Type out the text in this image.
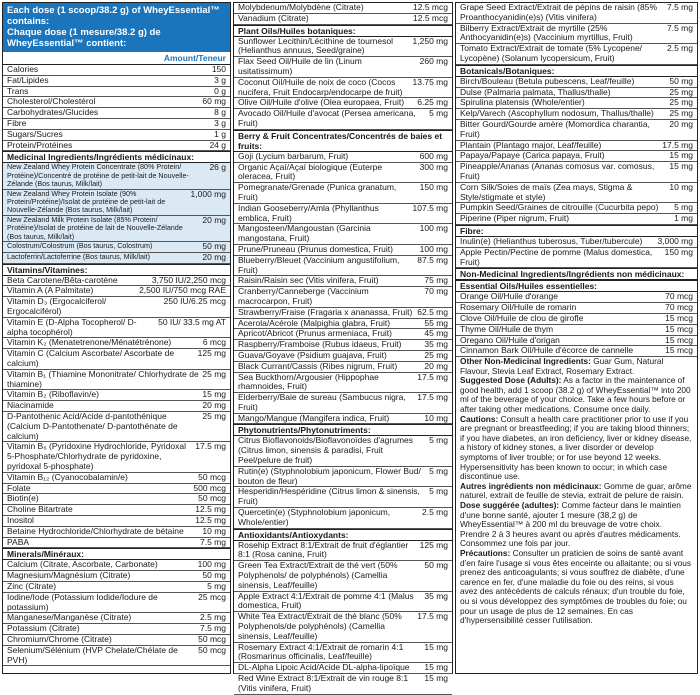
Each dose (1 scoop/38.2 g) of WheyEssential™ contains:
Chaque dose (1 mesure/38.2 g) de WheyEssential™ contient:
Amount/Teneur
Calories	150
Fat/Lipides	3 g
Trans	0 g
Cholesterol/Cholestérol	60 mg
Carbohydrates/Glucides	8 g
Fibre	3 g
Sugars/Sucres	1 g
Protein/Protéines	24 g
Medicinal Ingredients/Ingrédients médicinaux:
New Zealand Whey Protein Concentrate (80% Protein/ Protéine)/Concentré de protéine de petit-lait de Nouvelle-Zélande (Bos taurus, Milk/lait)
26 g
New Zealand Whey Protein Isolate (90% Protein/Protéine)/Isolat de protéine de petit-lait de Nouvelle-Zélande (Bos taurus, Milk/lait)
1,000 mg
New Zealand Milk Protein Isolate (85% Protein/ Protéine)/Isolat de protéine de lait de Nouvelle-Zélande (Bos taurus, Milk/lait)
20 mg
Colostrum/Colostrum (Bos taurus, Colostrum)	50 mg
Lactoferrin/Lactoferrine (Bos taurus, Milk/lait)	20 mg
Vitamins/Vitamines:
Beta Carotene/Bêta-carotène	3,750 IU/2,250 mcg
Vitamin A (A Palmitate)	2,500 IU/750 mcg RAE
Vitamin D₃ (Ergocalciferol/ Ergocalciférol)
250 IU/6.25 mcg
Vitamin E (D-Alpha Tocopherol/ D-alpha tocophérol)
50 IU/ 33.5 mg AT
Vitamin K₂ (Menatetrenone/Ménatétrénone)	6 mcg
Vitamin C (Calcium Ascorbate/ Ascorbate de calcium)
125 mg
Vitamin B₁ (Thiamine Mononitrate/ Chlorhydrate de thiamine)
25 mg
Vitamin B₂ (Riboflavin/e)	15 mg
Niacinamide	20 mg
D-Pantothenic Acid/Acide d-pantothénique (Calcium D-Pantothenate/ D-pantothénate de calcium)
25 mg
Vitamin B₆ (Pyridoxine Hydrochloride, Pyridoxal 5-Phosphate/Chlorhydrate de pyridoxine, pyridoxal 5-phosphate)
17.5 mg
Vitamin B₁₂ (Cyanocobalamin/e)	50 mcg
Folate	500 mcg
Biotin(e)	50 mcg
Choline Bitartrate	12.5 mg
Inositol	12.5 mg
Betaine Hydrochloride/Chlorhydrate de bétaine	10 mg
PABA	7.5 mg
Minerals/Minéraux:
Calcium (Citrate, Ascorbate, Carbonate)	100 mg
Magnesium/Magnésium (Citrate)	50 mg
Zinc (Citrate)	5 mg
Iodine/Iode (Potassium Iodide/Iodure de potassium)
25 mcg
Manganese/Manganèse (Citrate)	2.5 mg
Potassium (Citrate)	7.5 mg
Chromium/Chrome (Citrate)	50 mcg
Selenium/Sélénium (HVP Chelate/Chélate de PVH)
50 mcg
Molybdenum/Molybdène (Citrate)	12.5 mcg
Vanadium (Citrate)	12.5 mcg
Plant Oils/Huiles botaniques:
Sunflower Lecithin/Lécithine de tournesol (Helianthus annuus, Seed/graine)
1,250 mg
Flax Seed Oil/Huile de lin (Linum usitatissimum)
260 mg
Coconut Oil/Huile de noix de coco (Cocos nucifera, Fruit Endocarp/endocarpe de fruit)
13.75 mg
Olive Oil/Huile d'olive (Olea europaea, Fruit)	6.25 mg
Avocado Oil/Huile d'avocat (Persea americana, Fruit)
5 mg
Berry & Fruit Concentrates/Concentrés de baies et fruits:
Goji (Lycium barbarum, Fruit)	600 mg
Organic Açaí/Açaí biologique (Euterpe oleracea, Fruit)
300 mg
Pomegranate/Grenade (Punica granatum, Fruit)
150 mg
Indian Gooseberry/Amla (Phyllanthus emblica, Fruit)
107.5 mg
Mangosteen/Mangoustan (Garcinia mangostana, Fruit)
100 mg
Prune/Pruneau (Prunus domestica, Fruit)	100 mg
Blueberry/Bleuet (Vaccinium angustifolium, Fruit)
87.5 mg
Raisin/Raisin sec (Vitis vinifera, Fruit)	75 mg
Cranberry/Canneberge (Vaccinium macrocarpon, Fruit)
70 mg
Strawberry/Fraise (Fragaria x ananassa, Fruit) 62.5 mg
Acerola/Acérole (Malpighia glabra, Fruit)	55 mg
Apricot/Abricot (Prunus armeniaca, Fruit)	45 mg
Raspberry/Framboise (Rubus idaeus, Fruit)	35 mg
Guava/Goyave (Psidium guajava, Fruit)	25 mg
Black Currant/Cassis (Ribes nigrum, Fruit)	20 mg
Sea Buckthorn/Argousier (Hippophae rhamnoides, Fruit)
17.5 mg
Elderberry/Baie de sureau (Sambucus nigra, Fruit)
17.5 mg
Mango/Mangue (Mangifera indica, Fruit)	10 mg
Phytonutrients/Phytonutriments:
Citrus Bioflavonoids/Bioflavonoïdes d'agrumes (Citrus limon, sinensis & paradisi, Fruit Peel/pelure de fruit)
5 mg
Rutin(e) (Styphnolobium japonicum, Flower Bud/ bouton de fleur)
5 mg
Hesperidin/Hespéridine (Citrus limon & sinensis, Fruit)
5 mg
Quercetin(e) (Styphnolobium japonicum, Whole/entier)
2.5 mg
Antioxidants/Antioxydants:
Rosehip Extract 8:1/Extrait de fruit d'églantier 8:1 (Rosa canina, Fruit)
125 mg
Green Tea Extract/Extrait de thé vert (50% Polyphenols/ de polyphénols) (Camellia sinensis, Leaf/feuille)
50 mg
Apple Extract 4:1/Extrait de pomme 4:1 (Malus domestica, Fruit)
35 mg
White Tea Extract/Extrait de thé blanc (50% Polyphenols/de polyphénols) (Camellia sinensis, Leaf/feuille)
17.5 mg
Rosemary Extract 4:1/Extrait de romarin 4:1 (Rosmarinus officinalis, Leaf/feuille)
15 mg
DL-Alpha Lipoic Acid/Acide DL-alpha-lipoïque	15 mg
Red Wine Extract 8:1/Extrait de vin rouge 8:1 (Vitis vinifera, Fruit)
15 mg
Grape Seed Extract/Extrait de pépins de raisin (85% Proanthocyanidin(e)s) (Vitis vinifera)
7.5 mg
Bilberry Extract/Extrait de myrtille (25% Anthocyanidin(e)s) (Vaccinium myrtillus, Fruit)
7.5 mg
Tomato Extract/Extrait de tomate (5% Lycopene/ Lycopène) (Solanum lycopersicum, Fruit)
2.5 mg
Botanicals/Botaniques:
Birch/Bouleau (Betula pubescens, Leaf/feuille)	50 mg
Dulse (Palmaria palmata, Thallus/thalle)	25 mg
Spirulina platensis (Whole/entier)	25 mg
Kelp/Varech (Ascophyllum nodosum, Thallus/thalle)	25 mg
Bitter Gourd/Gourde amère (Momordica charantia, Fruit)
20 mg
Plantain (Plantago major, Leaf/feuille)	17.5 mg
Papaya/Papaye (Carica papaya, Fruit)	15 mg
Pineapple/Ananas (Ananas comosus var. comosus, Fruit)
15 mg
Corn Silk/Soies de maïs (Zea mays, Stigma & Style/stigmate et style)
10 mg
Pumpkin Seed/Graines de citrouille (Cucurbita pepo)	5 mg
Piperine (Piper nigrum, Fruit)	1 mg
Fibre:
Inulin(e) (Helianthus tuberosus, Tuber/tubercule)	3,000 mg
Apple Pectin/Pectine de pomme (Malus domestica, Fruit)
150 mg
Non-Medicinal Ingredients/Ingrédients non médicinaux:
Essential Oils/Huiles essentielles:
Orange Oil/Huile d'orange	70 mcg
Rosemary Oil/Huile de romarin	70 mcg
Clove Oil/Huile de clou de girofle	15 mcg
Thyme Oil/Huile de thym	15 mcg
Oregano Oil/Huile d'origan	15 mcg
Cinnamon Bark Oil/Huile d'écorce de cannelle	15 mcg
Other Non-Medicinal Ingredients: Guar Gum, Natural Flavour, Stevia Leaf Extract, Rosemary Extract.
Suggested Dose (Adults): As a factor in the maintenance of good health, add 1 scoop (38.2 g) of WheyEssential™ into 200 ml of the beverage of your choice. Take a few hours before or after taking other medications. Consume once daily.
Cautions: Consult a health care practitioner prior to use if you are pregnant or breastfeeding; if you are taking blood thinners; if you have diabetes, an iron deficiency, liver or kidney disease, a history of kidney stones, a liver disorder or develop symptoms of liver trouble; or for use beyond 12 weeks. Hypersensitivity has been known to occur; in which case discontinue use.
Autres ingrédients non médicinaux: Gomme de guar, arôme naturel, extrait de feuille de stevia, extrait de pelure de raisin.
Dose suggérée (adultes): Comme facteur dans le maintien d'une bonne santé, ajouter 1 mesure (38,2 g) de WheyEssential™ à 200 ml du breuvage de votre choix. Prendre 2 à 3 heures avant ou après d'autres médicaments. Consommez une fois par jour.
Précautions: Consulter un praticien de soins de santé avant d'en faire l'usage si vous êtes enceinte ou allaitante; ou si vous prenez des anticoagulants; si vous souffrez de diabète, d'une carence en fer, d'une maladie du foie ou des reins, si vous avez des antécédents de calculs rénaux; d'un trouble du foie, ou si vous développez des symptômes de troubles du foie; ou pour un usage de plus de 12 semaines. En cas d'hypersensibilité cesser l'utilisation.
